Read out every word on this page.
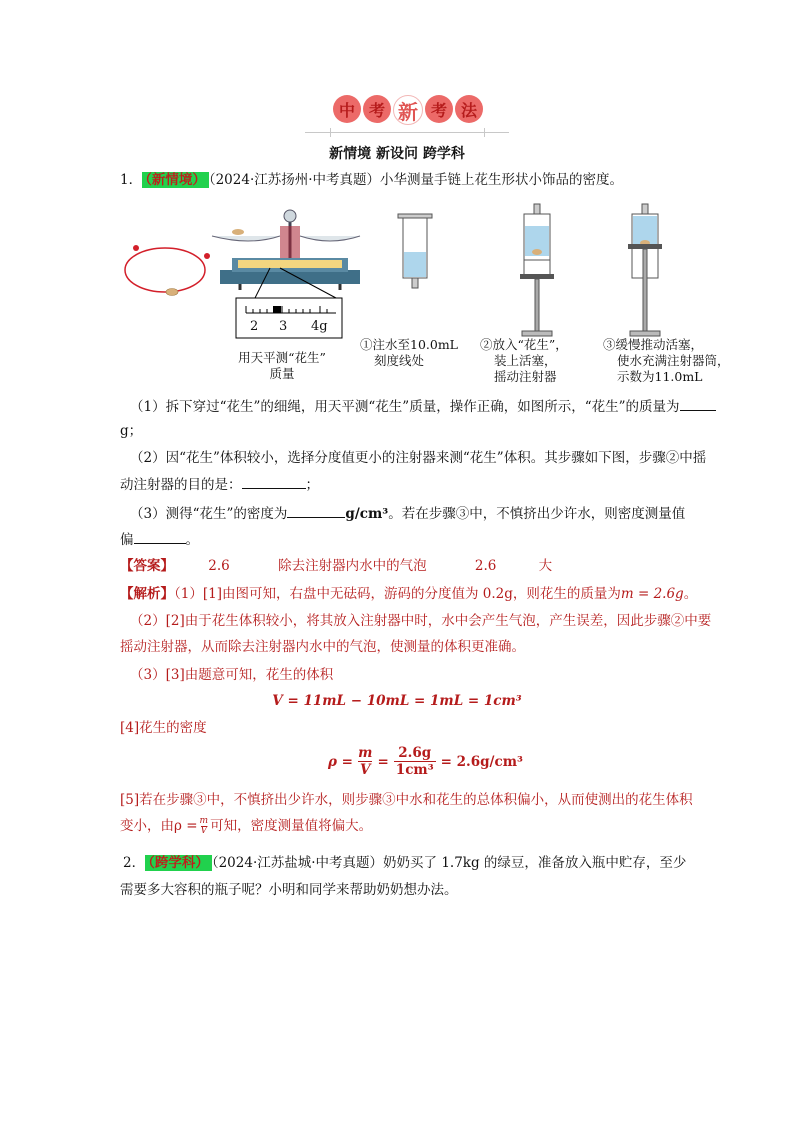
中 考 新 考 法
新情境 新设问 跨学科
1． （新情境） （2024·江苏扬州·中考真题）小华测量手链上花生形状小饰品的密度。
2 3 4g
用天平测“花生”
质量
①注水至10.0mL
刻度线处
②放入“花生”，
装上活塞，
摇动注射器
③缓慢推动活塞，
使水充满注射器筒，
示数为11.0mL
（1）拆下穿过“花生”的细绳，用天平测“花生”质量，操作正确，如图所示，“花生”的质量为
g；
（2）因“花生”体积较小，选择分度值更小的注射器来测“花生”体积。其步骤如下图，步骤②中摇
动注射器的目的是：	；
（3）测得“花生”的密度为	g/cm³。若在步骤③中，不慎挤出少许水，则密度测量值
偏	。
【答案】	2.6	除去注射器内水中的气泡	2.6	大
【解析】（1）[1]由图可知，右盘中无砝码，游码的分度值为 0.2g，则花生的质量为m = 2.6g。
（2）[2]由于花生体积较小，将其放入注射器中时，水中会产生气泡，产生误差，因此步骤②中要
摇动注射器，从而除去注射器内水中的气泡，使测量的体积更准确。
（3）[3]由题意可知，花生的体积
V = 11mL − 10mL = 1mL = 1cm³
[4]花生的密度
$\rho = \frac{m}{V} = \frac{2.6g}{\text{1cm³}} = 2.6g/cm^3$
[5]若在步骤③中，不慎挤出少许水，则步骤③中水和花生的总体积偏小，从而使测出的花生体积
变小，由$\rho = \frac{m}{V}$ 可知，密度测量值将偏大。
2． （跨学科） （2024·江苏盐城·中考真题）奶奶买了 1.7kg 的绿豆，准备放入瓶中贮存，至少
需要多大容积的瓶子呢？小明和同学来帮助奶奶想办法。
